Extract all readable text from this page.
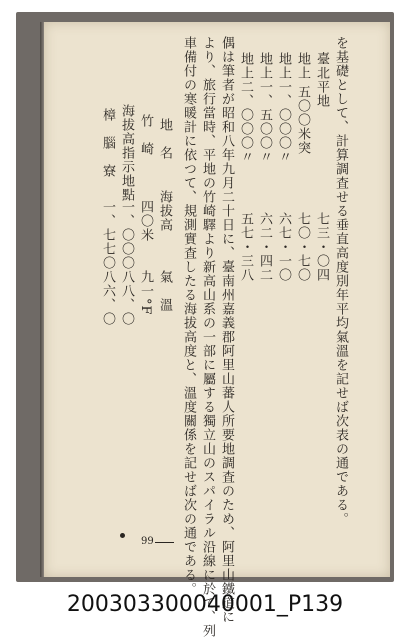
を基礎として、計算調査せる垂直高度別年平均氣溫を記せば次表の通である。
臺北平地
七三・〇四
地上 五〇〇米突
七〇・七〇
地上一、〇〇〇〃
六七・一〇
地上一、五〇〇〃
六二・四二
地上二、〇〇〇〃
五七・三八
偶は筆者が昭和八年九月二十日に、臺南州嘉義郡阿里山蕃人所要地調査のため、阿里山鐵道に
より、旅行當時、平地の竹崎驛より新高山系の一部に屬する獨立山のスパイラル沿線に於て、列
車備付の寒暖計に依つて、規測實査したる海拔高度と、溫度關係を記せば次の通である。
地　名
海拔高
氣　溫
竹　崎
四〇米
九一°F
海拔高指示地點
一、〇〇〇
八八、〇
樟　腦　寮
一、七七〇
八六、〇
99
200303300040001_P139
